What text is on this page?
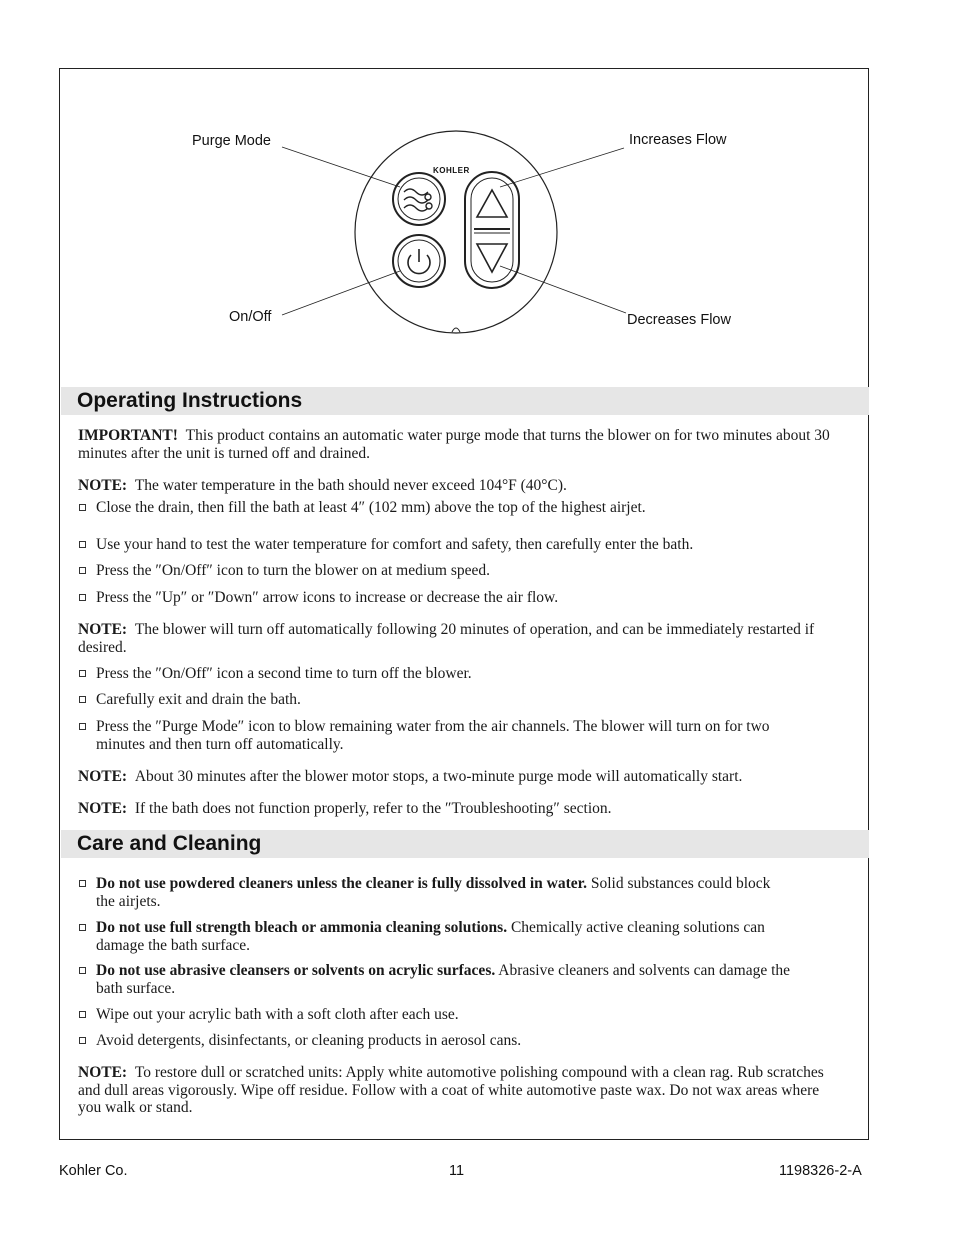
KOHLER
Purge Mode	Increases Flow
On/Off	Decreases Flow
Operating Instructions
IMPORTANT! This product contains an automatic water purge mode that turns the blower on for two minutes about 30 minutes after the unit is turned off and drained.
NOTE: The water temperature in the bath should never exceed 104°F (40°C).
Close the drain, then fill the bath at least 4″ (102 mm) above the top of the highest airjet.
Use your hand to test the water temperature for comfort and safety, then carefully enter the bath.
Press the ″On/Off″ icon to turn the blower on at medium speed.
Press the ″Up″ or ″Down″ arrow icons to increase or decrease the air flow.
NOTE: The blower will turn off automatically following 20 minutes of operation, and can be immediately restarted if desired.
Press the ″On/Off″ icon a second time to turn off the blower.
Carefully exit and drain the bath.
Press the ″Purge Mode″ icon to blow remaining water from the air channels. The blower will turn on for two minutes and then turn off automatically.
NOTE: About 30 minutes after the blower motor stops, a two-minute purge mode will automatically start.
NOTE: If the bath does not function properly, refer to the ″Troubleshooting″ section.
Care and Cleaning
Do not use powdered cleaners unless the cleaner is fully dissolved in water. Solid substances could block the airjets.
Do not use full strength bleach or ammonia cleaning solutions. Chemically active cleaning solutions can damage the bath surface.
Do not use abrasive cleansers or solvents on acrylic surfaces. Abrasive cleaners and solvents can damage the bath surface.
Wipe out your acrylic bath with a soft cloth after each use.
Avoid detergents, disinfectants, or cleaning products in aerosol cans.
NOTE: To restore dull or scratched units: Apply white automotive polishing compound with a clean rag. Rub scratches and dull areas vigorously. Wipe off residue. Follow with a coat of white automotive paste wax. Do not wax areas where you walk or stand.
Kohler Co.	11	1198326-2-A
